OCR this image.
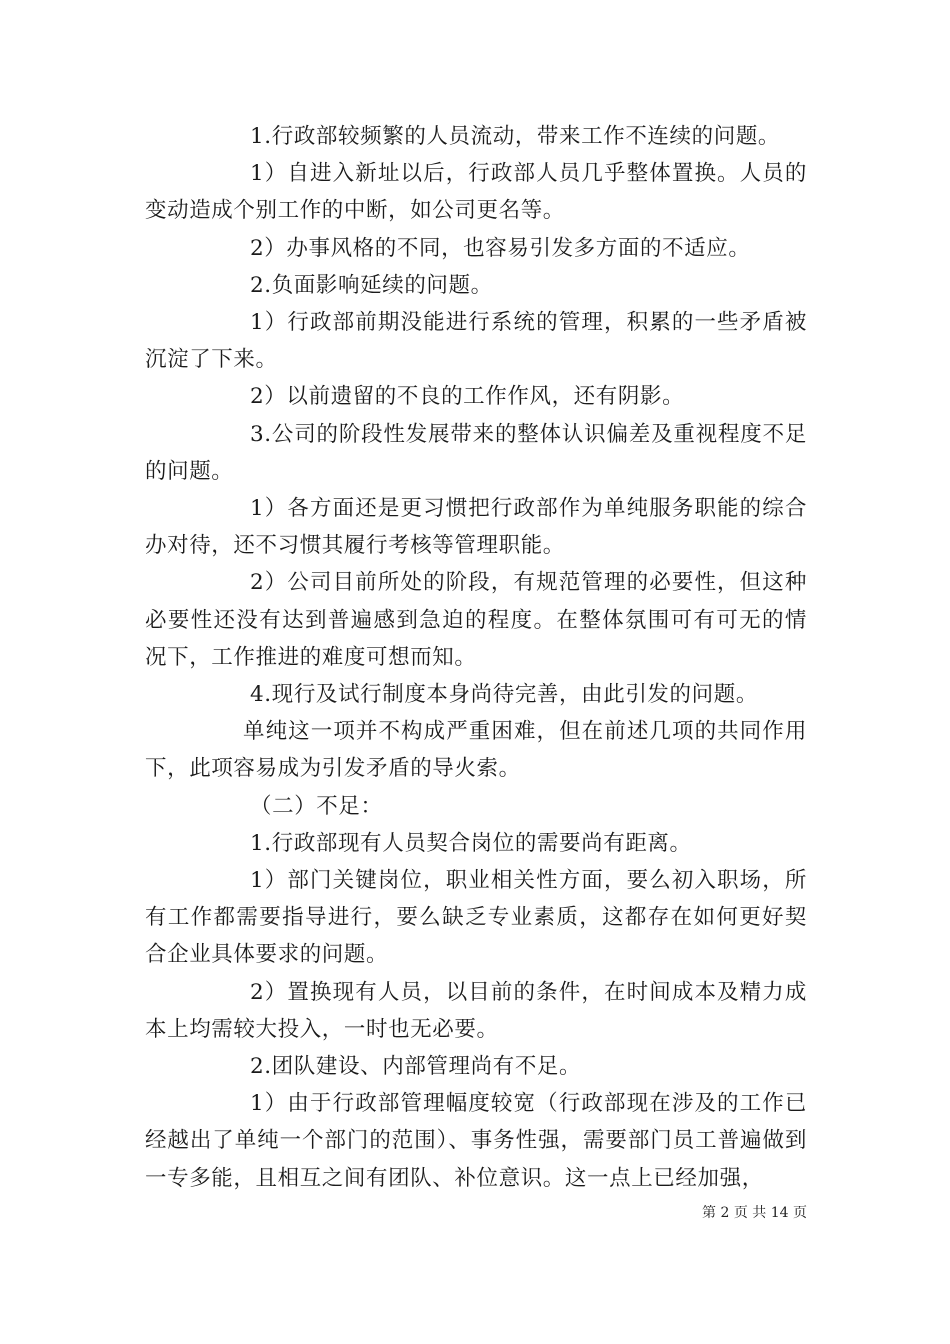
1.行政部较频繁的人员流动，带来工作不连续的问题。

1）自进入新址以后，行政部人员几乎整体置换。人员的变动造成个别工作的中断，如公司更名等。

2）办事风格的不同，也容易引发多方面的不适应。

2.负面影响延续的问题。

1）行政部前期没能进行系统的管理，积累的一些矛盾被沉淀了下来。

2）以前遗留的不良的工作作风，还有阴影。

3.公司的阶段性发展带来的整体认识偏差及重视程度不足的问题。

1）各方面还是更习惯把行政部作为单纯服务职能的综合办对待，还不习惯其履行考核等管理职能。

2）公司目前所处的阶段，有规范管理的必要性，但这种必要性还没有达到普遍感到急迫的程度。在整体氛围可有可无的情况下，工作推进的难度可想而知。

4.现行及试行制度本身尚待完善，由此引发的问题。

单纯这一项并不构成严重困难，但在前述几项的共同作用下，此项容易成为引发矛盾的导火索。

（二）不足：

1.行政部现有人员契合岗位的需要尚有距离。

1）部门关键岗位，职业相关性方面，要么初入职场，所有工作都需要指导进行，要么缺乏专业素质，这都存在如何更好契合企业具体要求的问题。

2）置换现有人员，以目前的条件，在时间成本及精力成本上均需较大投入，一时也无必要。

2.团队建设、内部管理尚有不足。

1）由于行政部管理幅度较宽（行政部现在涉及的工作已经越出了单纯一个部门的范围）、事务性强，需要部门员工普遍做到一专多能，且相互之间有团队、补位意识。这一点上已经加强，

第 2 页 共 14 页
